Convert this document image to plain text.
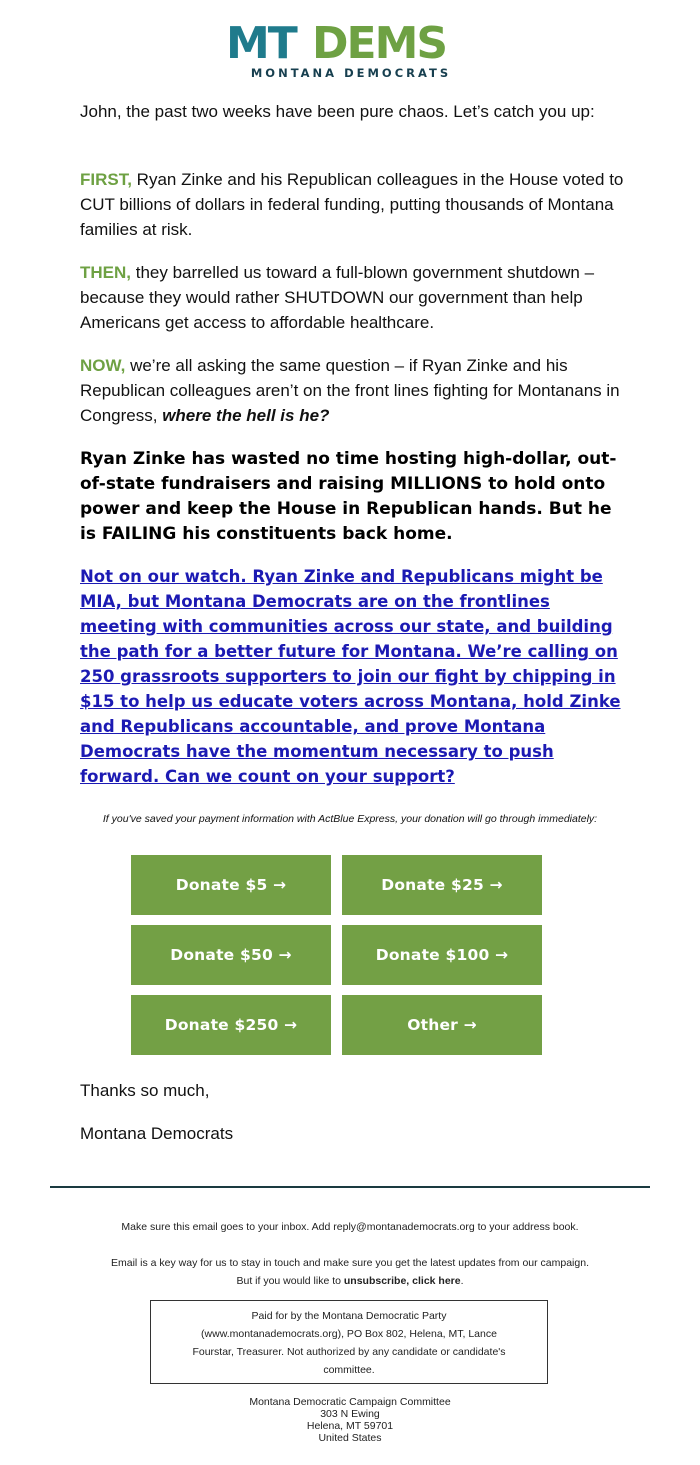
MT DEMS
MONTANA DEMOCRATS

John, the past two weeks have been pure chaos. Let’s catch you up:

FIRST, Ryan Zinke and his Republican colleagues in the House voted to CUT billions of dollars in federal funding, putting thousands of Montana families at risk.

THEN, they barrelled us toward a full-blown government shutdown – because they would rather SHUTDOWN our government than help Americans get access to affordable healthcare.

NOW, we’re all asking the same question – if Ryan Zinke and his Republican colleagues aren’t on the front lines fighting for Montanans in Congress, where the hell is he?

Ryan Zinke has wasted no time hosting high-dollar, out-of-state fundraisers and raising MILLIONS to hold onto power and keep the House in Republican hands. But he is FAILING his constituents back home.

Not on our watch. Ryan Zinke and Republicans might be MIA, but Montana Democrats are on the frontlines meeting with communities across our state, and building the path for a better future for Montana. We’re calling on 250 grassroots supporters to join our fight by chipping in $15 to help us educate voters across Montana, hold Zinke and Republicans accountable, and prove Montana Democrats have the momentum necessary to push forward. Can we count on your support?

If you've saved your payment information with ActBlue Express, your donation will go through immediately:
Donate $5 →	Donate $25 →
Donate $50 →	Donate $100 →
Donate $250 →	Other →

Thanks so much,

Montana Democrats

Make sure this email goes to your inbox. Add reply@montanademocrats.org to your address book.
Email is a key way for us to stay in touch and make sure you get the latest updates from our campaign.
But if you would like to unsubscribe, click here.
Paid for by the Montana Democratic Party (www.montanademocrats.org), PO Box 802, Helena, MT, Lance Fourstar, Treasurer. Not authorized by any candidate or candidate's committee.
Montana Democratic Campaign Committee
303 N Ewing
Helena, MT 59701
United States
